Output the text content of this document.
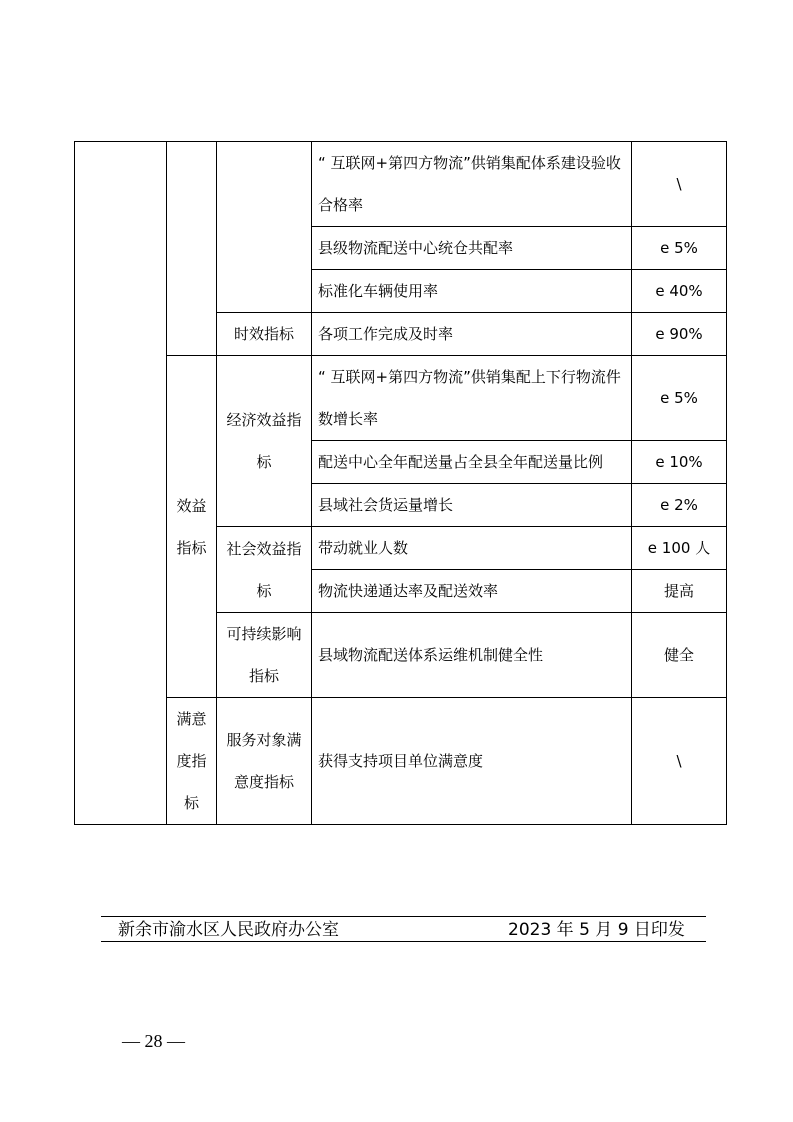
			“ 互联网+第四方物流”供销集配体系建设验收合格率	\
			县级物流配送中心统仓共配率	e 5%
			标准化车辆使用率	e 40%
		时效指标	各项工作完成及时率	e 90%
	效益指标	经济效益指标	“ 互联网+第四方物流”供销集配上下行物流件数增长率	e 5%
			配送中心全年配送量占全县全年配送量比例	e 10%
			县域社会货运量增长	e 2%
		社会效益指标	带动就业人数	e 100 人
			物流快递通达率及配送效率	提高
		可持续影响指标	县域物流配送体系运维机制健全性	健全
	满意度指标	服务对象满意度指标	获得支持项目单位满意度	\
新余市渝水区人民政府办公室	2023 年 5 月 9 日印发
— 28 —
